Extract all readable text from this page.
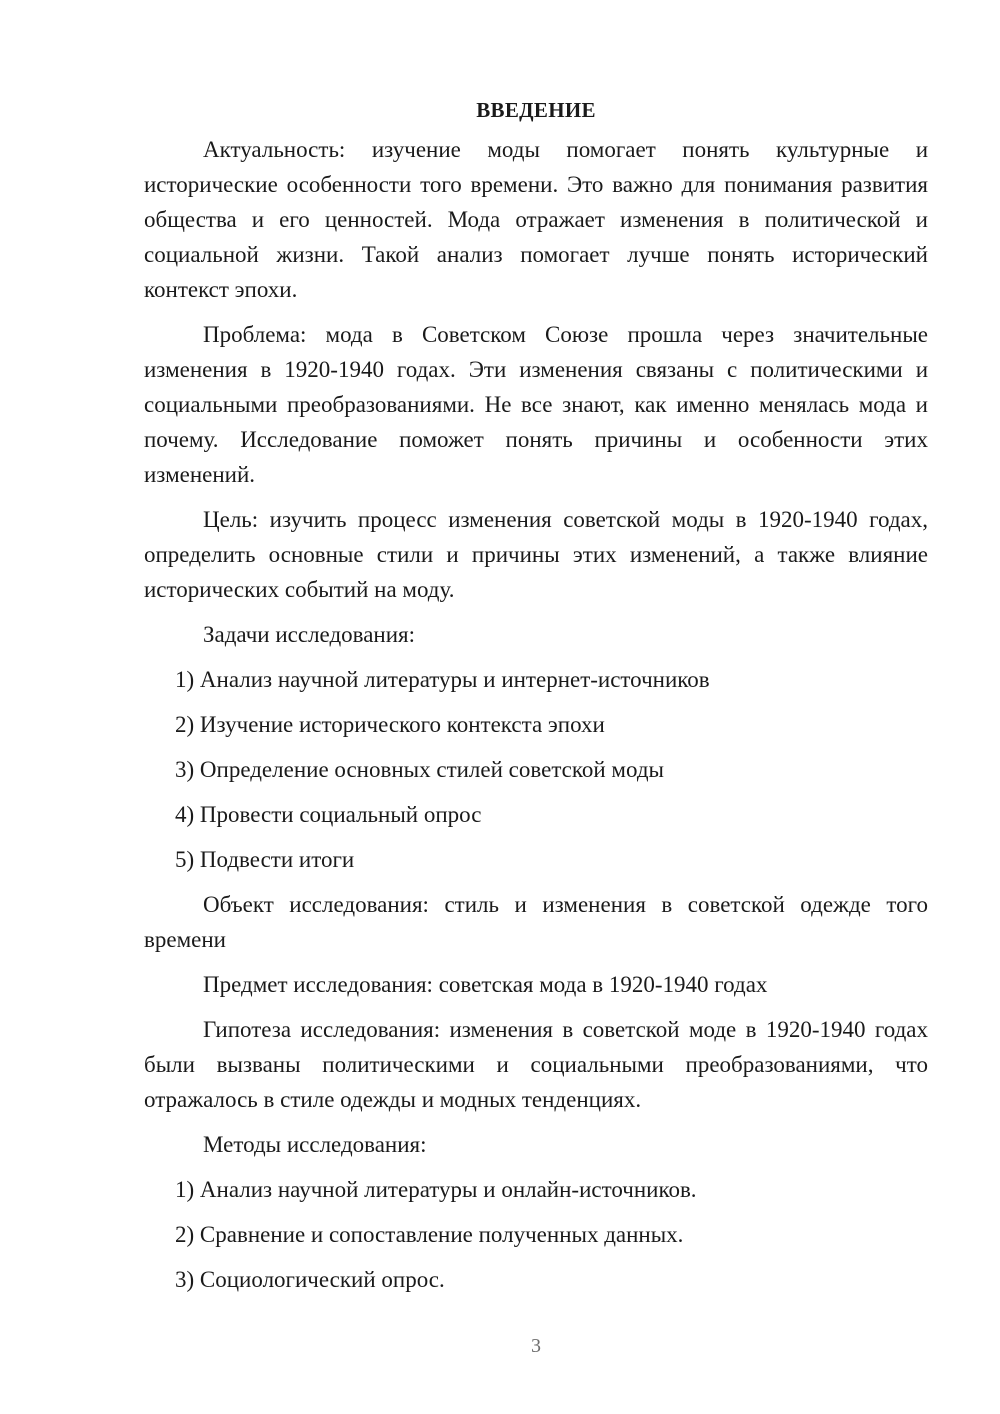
ВВЕДЕНИЕ

Актуальность: изучение моды помогает понять культурные и исторические особенности того времени. Это важно для понимания развития общества и его ценностей. Мода отражает изменения в политической и социальной жизни. Такой анализ помогает лучше понять исторический контекст эпохи.

Проблема: мода в Советском Союзе прошла через значительные изменения в 1920-1940 годах. Эти изменения связаны с политическими и социальными преобразованиями. Не все знают, как именно менялась мода и почему. Исследование поможет понять причины и особенности этих изменений.

Цель: изучить процесс изменения советской моды в 1920-1940 годах, определить основные стили и причины этих изменений, а также влияние исторических событий на моду.

Задачи исследования:

1) Анализ научной литературы и интернет-источников
2) Изучение исторического контекста эпохи
3) Определение основных стилей советской моды
4) Провести социальный опрос
5) Подвести итоги

Объект исследования: стиль и изменения в советской одежде того времени

Предмет исследования: советская мода в 1920-1940 годах

Гипотеза исследования: изменения в советской моде в 1920-1940 годах были вызваны политическими и социальными преобразованиями, что отражалось в стиле одежды и модных тенденциях.

Методы исследования:

1) Анализ научной литературы и онлайн-источников.
2) Сравнение и сопоставление полученных данных.
3) Социологический опрос.
3
